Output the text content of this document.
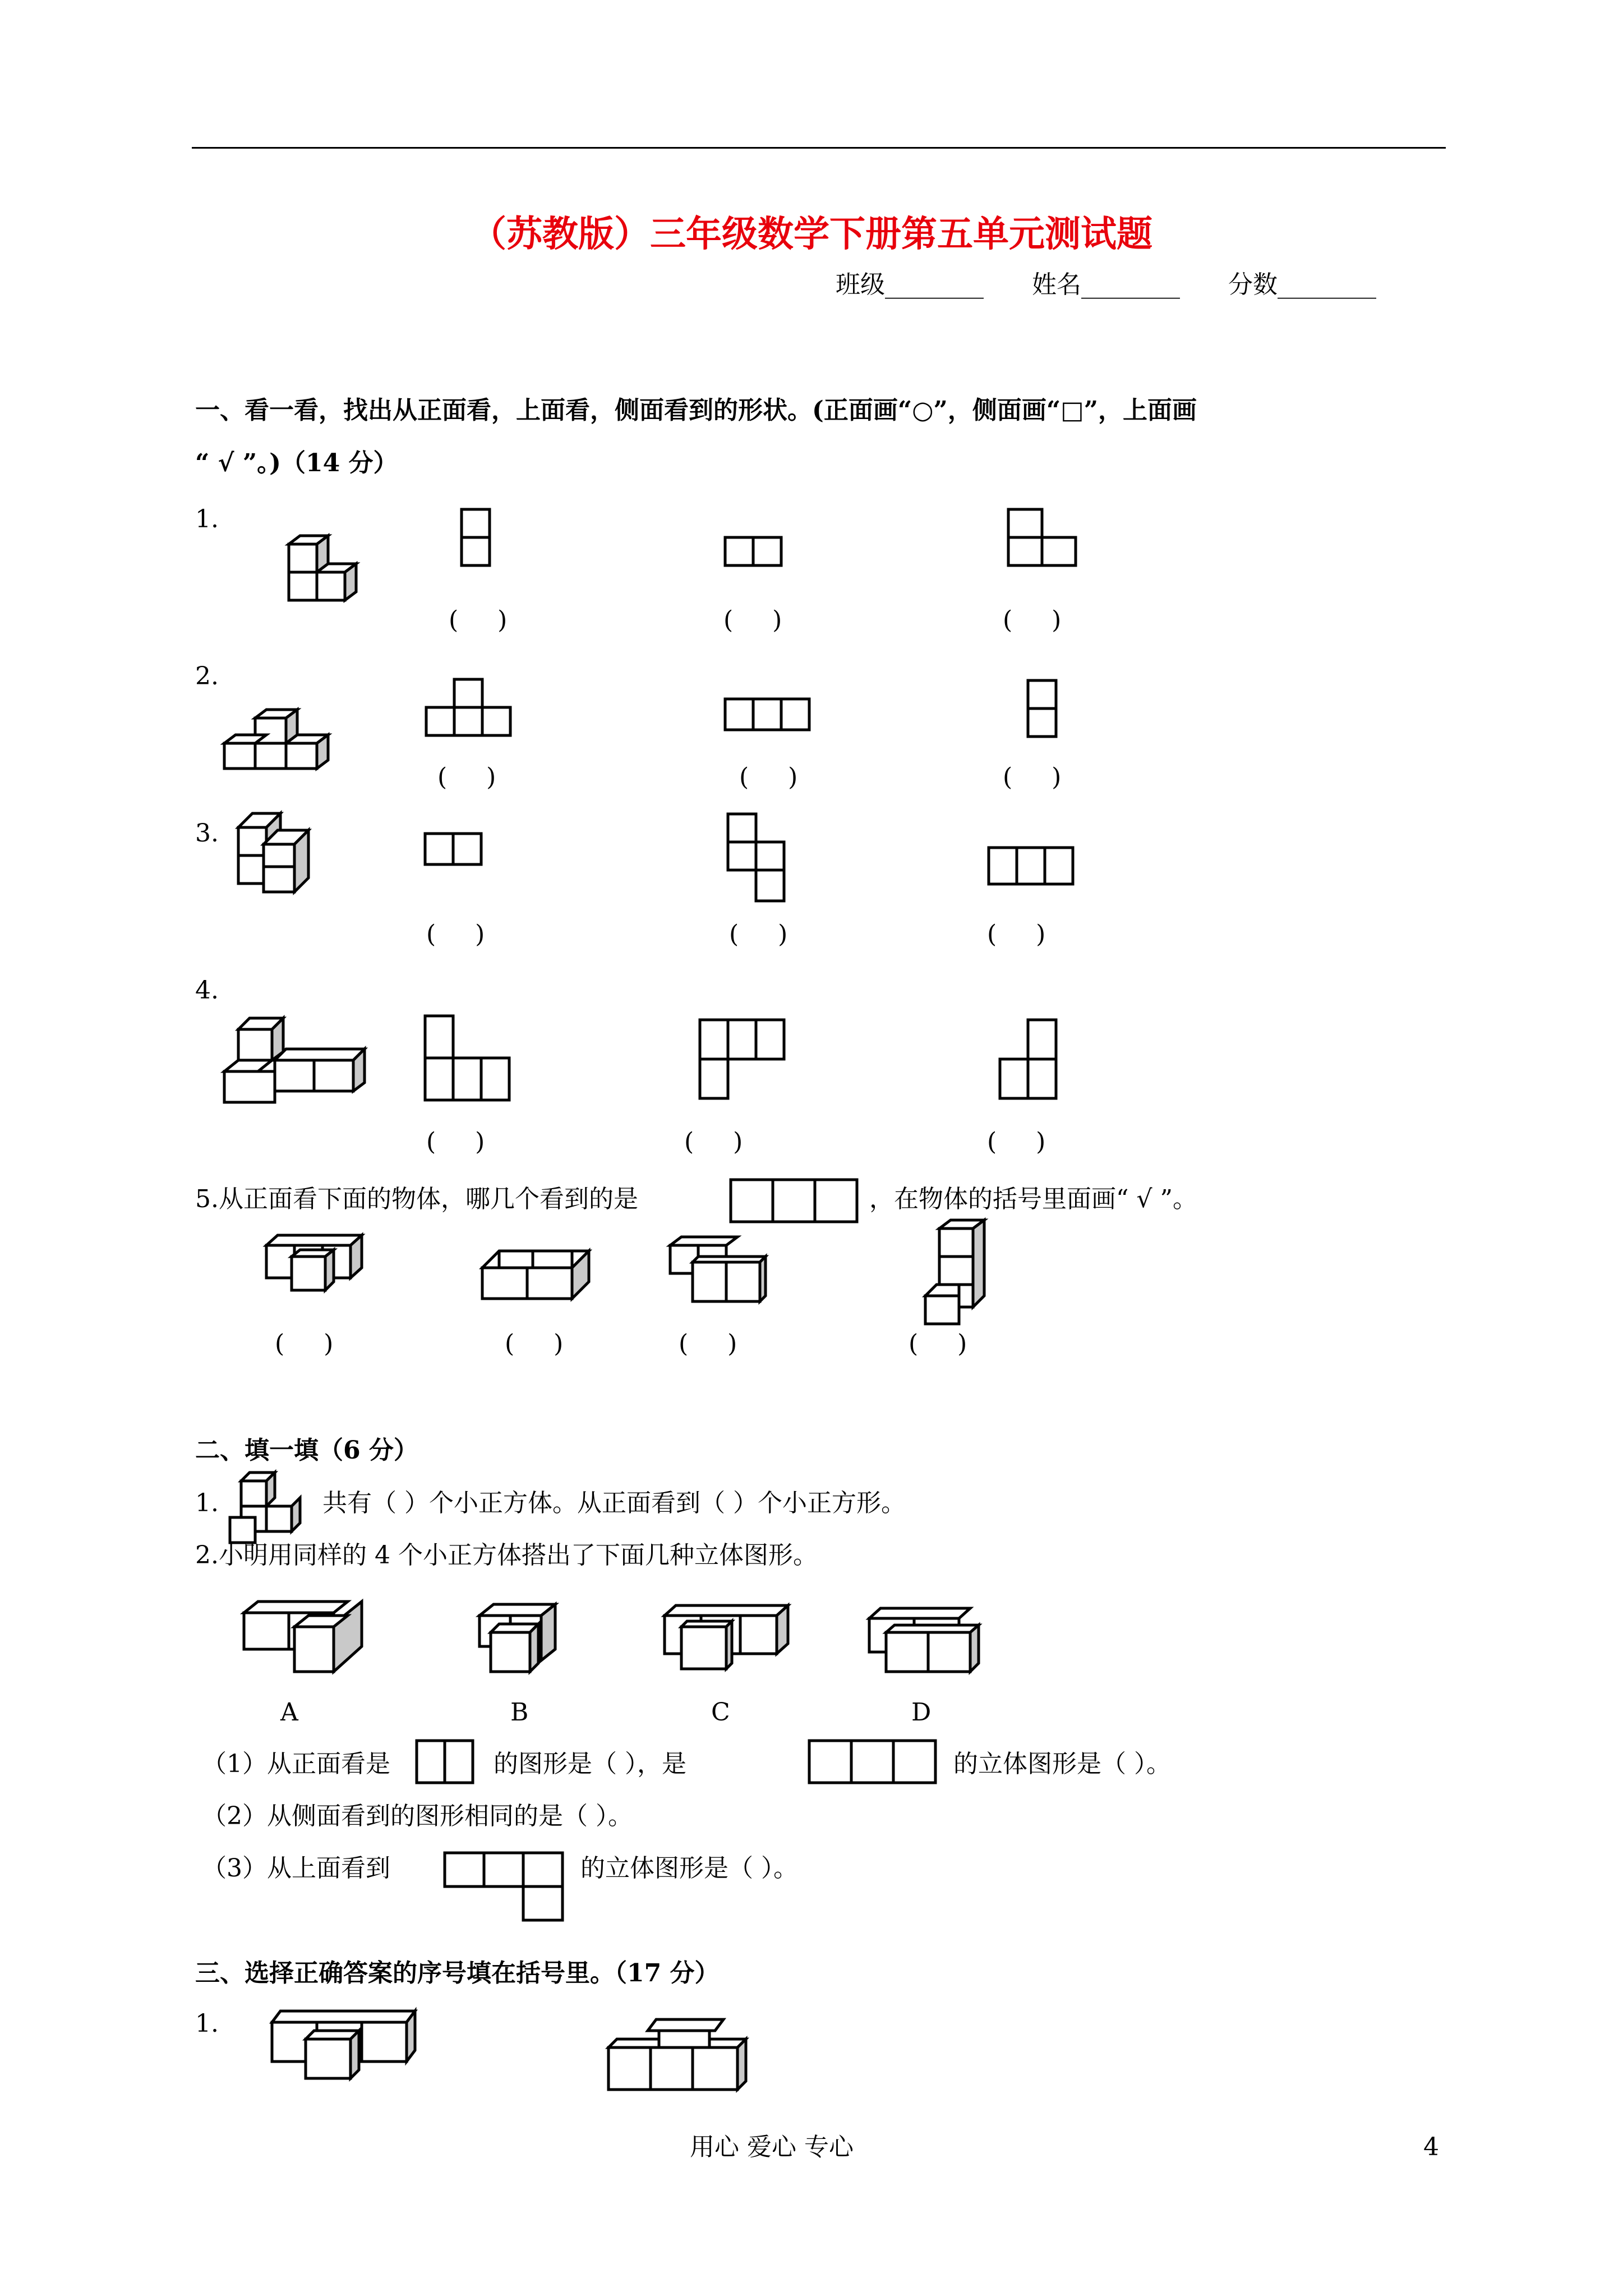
（苏教版）三年级数学下册第五单元测试题
班级________ 姓名________ 分数________
一、看一看，找出从正面看，上面看，侧面看到的形状。(正面画“○”，侧面画“□”，上面画
“ √ ”。)（14 分）
1.
(     )	(     )	(     )
2.
(     )	(     )	(     )
3.
(     )	(     )	(     )
4.
(     )	(     )	(     )
5.从正面看下面的物体，哪几个看到的是	，在物体的括号里面画“ √ ”。
(     )	(     )	(     )	(     )
二、填一填（6 分）
1.	共有（ ）个小正方体。从正面看到（ ）个小正方形。
2.小明用同样的 4 个小正方体搭出了下面几种立体图形。
A	B	C	D
（1）从正面看是	的图形是（ ），是	的立体图形是（ ）。
（2）从侧面看到的图形相同的是（ ）。
（3）从上面看到	的立体图形是（ ）。
三、选择正确答案的序号填在括号里。（17 分）
1.
用心 爱心 专心	4
